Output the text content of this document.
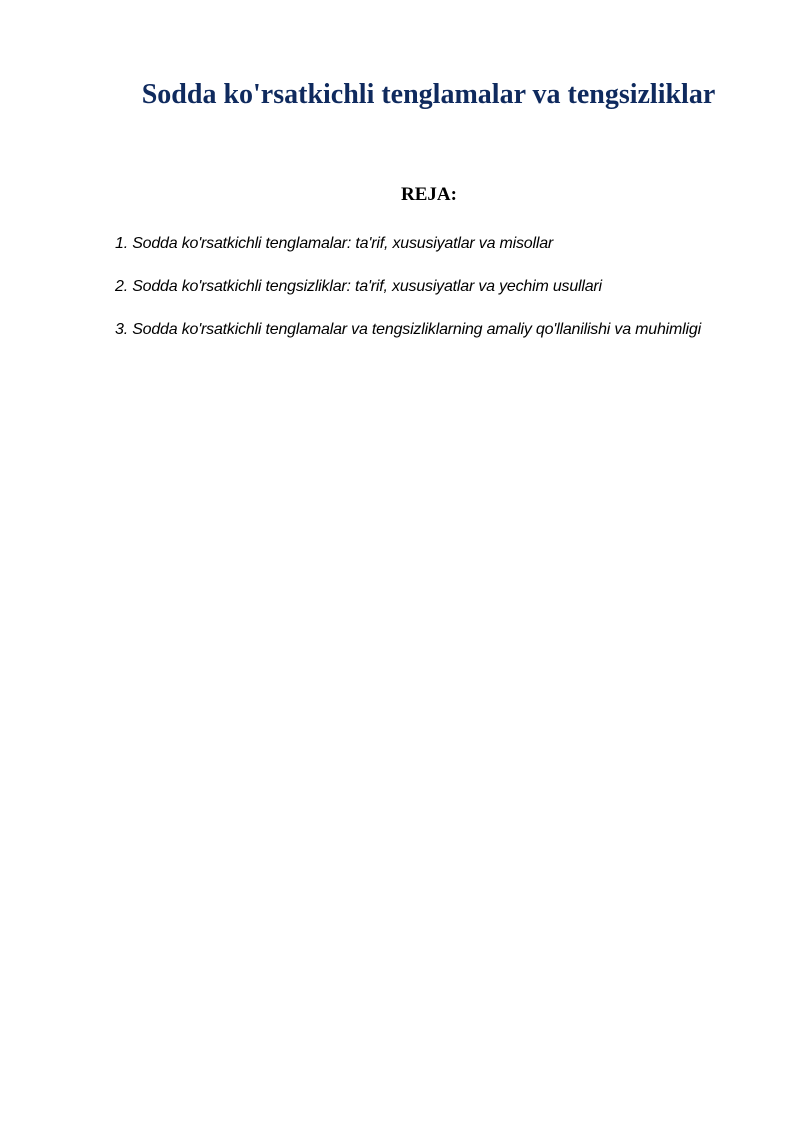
Sodda ko'rsatkichli tenglamalar va tengsizliklar
REJA:
1. Sodda ko'rsatkichli tenglamalar: ta'rif, xususiyatlar va misollar
2. Sodda ko'rsatkichli tengsizliklar: ta'rif, xususiyatlar va yechim usullari
3. Sodda ko'rsatkichli tenglamalar va tengsizliklarning amaliy qo'llanilishi va muhimligi
